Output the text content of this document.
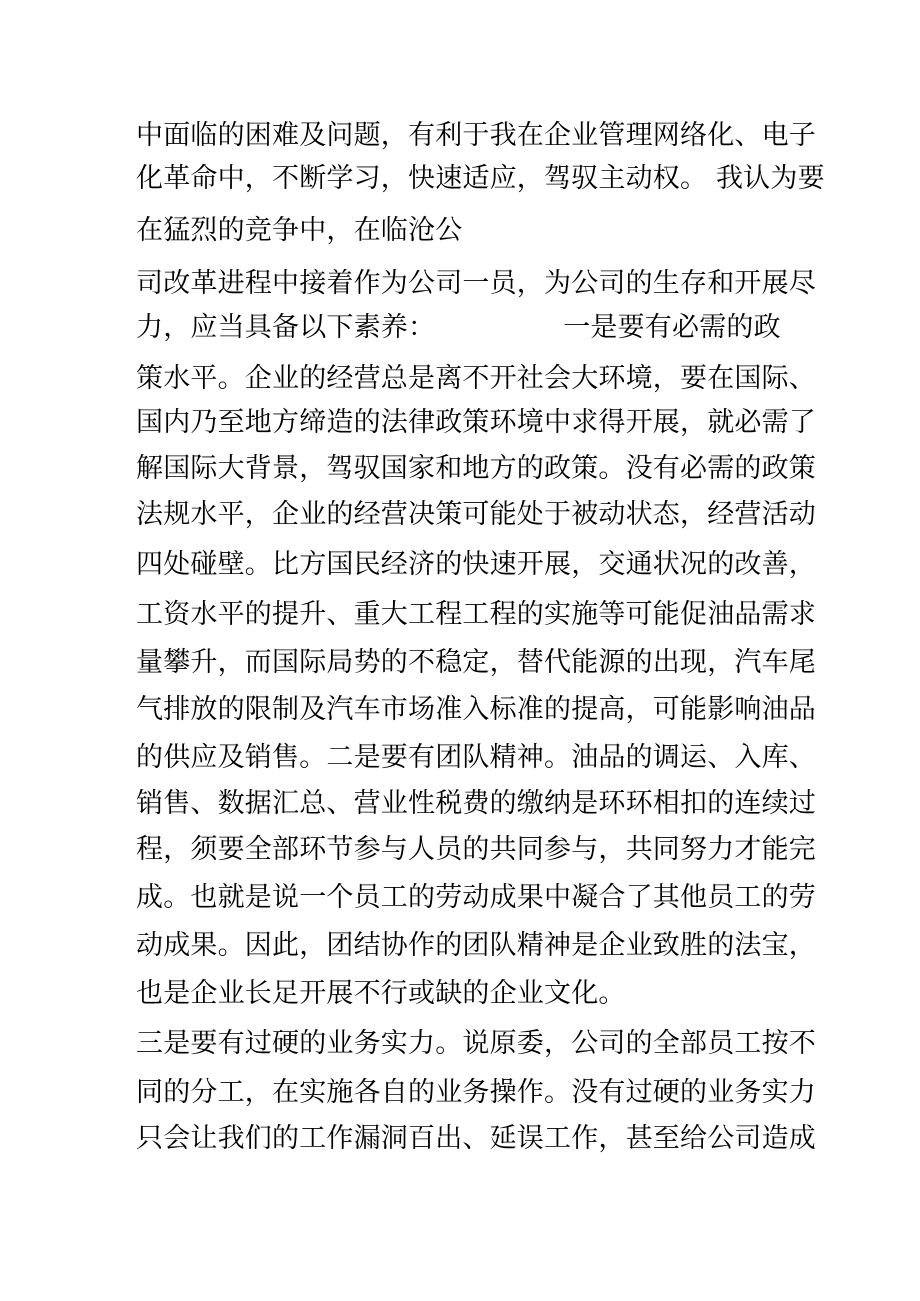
中面临的困难及问题，有利于我在企业管理网络化、电子
化革命中，不断学习，快速适应，驾驭主动权。 我认为要
在猛烈的竞争中，在临沧公
司改革进程中接着作为公司一员，为公司的生存和开展尽
力，应当具备以下素养：	一是要有必需的政
策水平。企业的经营总是离不开社会大环境，要在国际、
国内乃至地方缔造的法律政策环境中求得开展，就必需了
解国际大背景，驾驭国家和地方的政策。没有必需的政策
法规水平，企业的经营决策可能处于被动状态，经营活动
四处碰壁。比方国民经济的快速开展，交通状况的改善，
工资水平的提升、重大工程工程的实施等可能促油品需求
量攀升，而国际局势的不稳定，替代能源的出现，汽车尾
气排放的限制及汽车市场准入标准的提高，可能影响油品
的供应及销售。二是要有团队精神。油品的调运、入库、
销售、数据汇总、营业性税费的缴纳是环环相扣的连续过
程，须要全部环节参与人员的共同参与，共同努力才能完
成。也就是说一个员工的劳动成果中凝合了其他员工的劳
动成果。因此，团结协作的团队精神是企业致胜的法宝，
也是企业长足开展不行或缺的企业文化。
三是要有过硬的业务实力。说原委，公司的全部员工按不
同的分工，在实施各自的业务操作。没有过硬的业务实力
只会让我们的工作漏洞百出、延误工作，甚至给公司造成
